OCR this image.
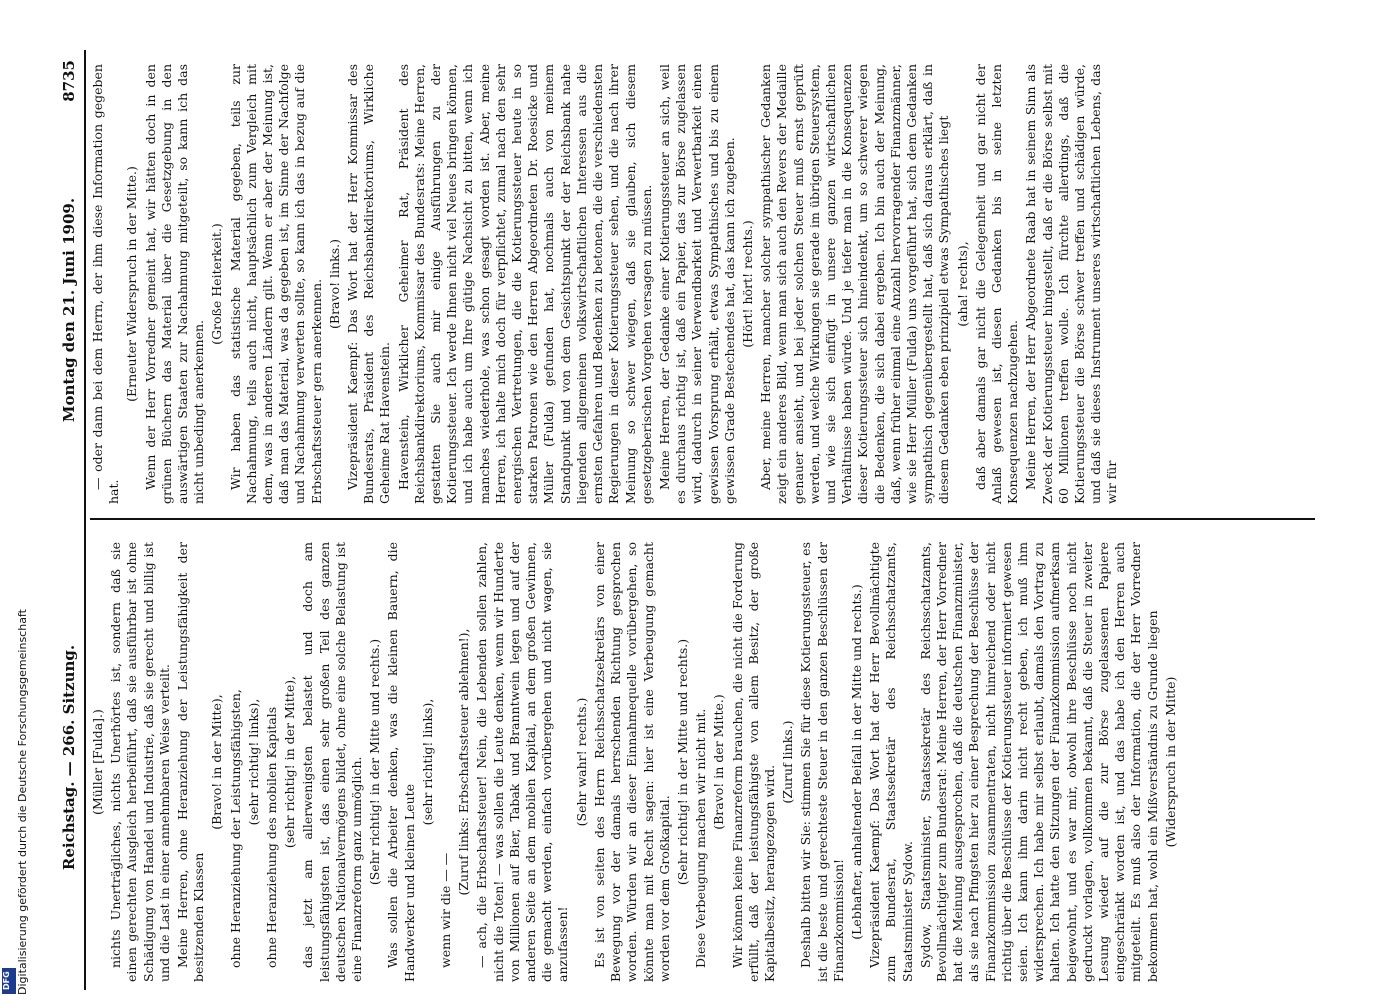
Digitalisierung gefördert durch die Deutsche Forschungsgemeinschaft
DFG
Reichstag. — 266. Sitzung.
Montag den 21. Juni 1909.
8735

(Müller [Fulda].) nichts Unerträgliches, nichts Unerhörtes ist, sondern daß sie einen gerechten Ausgleich herbeiführt, daß sie ausführbar ist ohne Schädigung von Handel und Industrie, daß sie gerecht und billig ist und die Last in einer annehmbaren Weise verteilt. Meine Herren, ohne Heranziehung der Leistungsfähigkeit der besitzenden Klassen

(Bravo! in der Mitte), ohne Heranziehung der Leistungsfähigsten, (sehr richtig! links), ohne Heranziehung des mobilen Kapitals (sehr richtig! in der Mitte), das jetzt am allerwenigsten belastet und doch am leistungsfähigsten ist, das einen sehr großen Teil des ganzen deutschen Nationalvermögens bildet, ohne eine solche Belastung ist eine Finanzreform ganz unmöglich. (Sehr richtig! in der Mitte und rechts.) Was sollen die Arbeiter denken, was die kleinen Bauern, die Handwerker und kleinen Leute

(sehr richtig! links),

wenn wir die — —

(Zuruf links: Erbschaftssteuer ablehnen!), — ach, die Erbschaftssteuer! Nein, die Lebenden sollen zahlen, nicht die Toten! — was sollen die Leute denken, wenn wir Hunderte von Millionen auf Bier, Tabak und Branntwein legen und auf der anderen Seite an dem mobilen Kapital, an dem großen Gewinnen, die gemacht werden, einfach vorübergehen und nicht wagen, sie anzufassen!

(Sehr wahr! rechts.) Es ist von seiten des Herrn Reichsschatzsekretärs von einer Bewegung vor der damals herrschenden Richtung gesprochen worden. Würden wir an dieser Einnahmequelle vorübergehen, so könnte man mit Recht sagen: hier ist eine Verbeugung gemacht worden vor dem Großkapital.

(Sehr richtig! in der Mitte und rechts.) Diese Verbeugung machen wir nicht mit. (Bravo! in der Mitte.) Wir können keine Finanzreform brauchen, die nicht die Forderung erfüllt, daß der leistungsfähigste von allem Besitz, der große Kapitalbesitz, herangezogen wird.

(Zuruf links.) Deshalb bitten wir Sie: stimmen Sie für diese Kotierungssteuer, es ist die beste und gerechteste Steuer in den ganzen Beschlüssen der Finanzkommission! (Lebhafter, anhaltender Beifall in der Mitte und rechts.) Vizepräsident Kaempf: Das Wort hat der Herr Bevollmächtigte zum Bundesrat, Staatssekretär des Reichsschatzamts, Staatsminister Sydow. Sydow, Staatsminister, Staatssekretär des Reichsschatzamts, Bevollmächtigter zum Bundesrat: Meine Herren, der Herr Vorredner hat die Meinung ausgesprochen, daß die deutschen Finanzminister, als sie nach Pfingsten hier zu einer Besprechung der Beschlüsse der Finanzkommission zusammentraten, nicht hinreichend oder nicht richtig über die Beschlüsse der Kotierungssteuer informiert gewesen seien. Ich kann ihm darin nicht recht geben, ich muß ihm widersprechen. Ich habe mir selbst erlaubt, damals den Vortrag zu halten. Ich hatte den Sitzungen der Finanzkommission aufmerksam beigewohnt, und es war mir, obwohl ihre Beschlüsse noch nicht gedruckt vorlagen, vollkommen bekannt, daß die Steuer in zweiter Lesung wieder auf die zur Börse zugelassenen Papiere eingeschränkt worden ist, und das habe ich den Herren auch mitgeteilt. Es muß also der Information, die der Herr Vorredner bekommen hat, wohl ein Mißverständnis zu Grunde liegen (Widerspruch in der Mitte)

— oder dann bei dem Herrn, der ihm diese Information gegeben hat.

(Erneuter Widerspruch in der Mitte.) Wenn der Herr Vorredner gemeint hat, wir hätten doch in den grünen Büchern das Material über die Gesetzgebung in den auswärtigen Staaten zur Nachahmung mitgeteilt, so kann ich das nicht unbedingt anerkennen.

(Große Heiterkeit.) Wir haben das statistische Material gegeben, teils zur Nachahmung, teils auch nicht, hauptsächlich zum Vergleich mit dem, was in anderen Ländern gilt. Wenn er aber der Meinung ist, daß man das Material, was da gegeben ist, im Sinne der Nachfolge und Nachahmung verwerten sollte, so kann ich das in bezug auf die Erbschaftssteuer gern anerkennen. (Bravo! links.) Vizepräsident Kaempf: Das Wort hat der Herr Kommissar des Bundesrats, Präsident des Reichsbankdirektoriums, Wirkliche Geheime Rat Havenstein. Havenstein, Wirklicher Geheimer Rat, Präsident des Reichsbankdirektoriums, Kommissar des Bundesrats: Meine Herren, gestatten Sie auch mir einige Ausführungen zu der Kotierungssteuer. Ich werde Ihnen nicht viel Neues bringen können, und ich habe auch um Ihre gütige Nachsicht zu bitten, wenn ich manches wiederhole, was schon gesagt worden ist. Aber, meine Herren, ich halte mich doch für verpflichtet, zumal nach den sehr energischen Vertretungen, die die Kotierungssteuer heute in so starken Patronen wie den Herren Abgeordneten Dr. Roesicke und Müller (Fulda) gefunden hat, nochmals auch von meinem Standpunkt und von dem Gesichtspunkt der der Reichsbank nahe liegenden allgemeinen volkswirtschaftlichen Interessen aus die ernsten Gefahren und Bedenken zu betonen, die die verschiedensten Regierungen in dieser Kotierungssteuer sehen, und die nach ihrer Meinung so schwer wiegen, daß sie glauben, sich diesem gesetzgeberischen Vorgehen versagen zu müssen. Meine Herren, der Gedanke einer Kotierungssteuer an sich, weil es durchaus richtig ist, daß ein Papier, das zur Börse zugelassen wird, dadurch in seiner Verwendbarkeit und Verwertbarkeit einen gewissen Vorsprung erhält, etwas Sympathisches und bis zu einem gewissen Grade Bestechendes hat, das kann ich zugeben. (Hört! hört! rechts.) Aber, meine Herren, mancher solcher sympathischer Gedanken zeigt ein anderes Bild, wenn man sich auch den Revers der Medaille genauer ansieht, und bei jeder solchen Steuer muß ernst geprüft werden, und welche Wirkungen sie gerade im übrigen Steuersystem, und wie sie sich einfügt in unsere ganzen wirtschaftlichen Verhältnisse haben würde. Und je tiefer man in die Konsequenzen dieser Kotierungssteuer sich hineindenkt, um so schwerer wiegen die Bedenken, die sich dabei ergeben. Ich bin auch der Meinung, daß, wenn früher einmal eine Anzahl hervorragender Finanzmänner, wie sie Herr Müller (Fulda) uns vorgeführt hat, sich dem Gedanken sympathisch gegenübergestellt hat, daß sich daraus erklärt, daß in diesem Gedanken eben prinzipiell etwas Sympathisches liegt (aha! rechts), daß aber damals gar nicht die Gelegenheit und gar nicht der Anlaß gewesen ist, diesen Gedanken bis in seine letzten Konsequenzen nachzugehen. Meine Herren, der Herr Abgeordnete Raab hat in seinem Sinn als Zweck der Kotierungssteuer hingestellt, daß er die Börse selbst mit 60 Millionen treffen wolle. Ich fürchte allerdings, daß die Kotierungssteuer die Börse schwer treffen und schädigen würde, und daß sie dieses Instrument unseres wirtschaftlichen Lebens, das wir für
